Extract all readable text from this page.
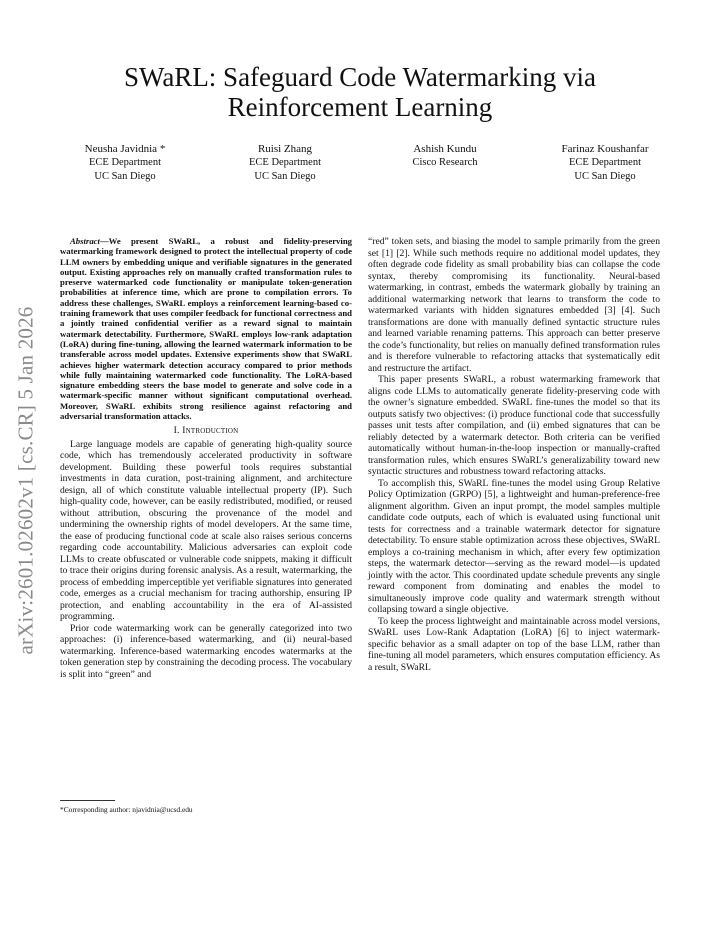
arXiv:2601.02602v1 [cs.CR] 5 Jan 2026
SWaRL: Safeguard Code Watermarking via Reinforcement Learning
Neusha Javidnia *
ECE Department
UC San Diego
Ruisi Zhang
ECE Department
UC San Diego
Ashish Kundu
Cisco Research
Farinaz Koushanfar
ECE Department
UC San Diego

Abstract—We present SWaRL, a robust and fidelity-preserving watermarking framework designed to protect the intellectual property of code LLM owners by embedding unique and verifiable signatures in the generated output. Existing approaches rely on manually crafted transformation rules to preserve watermarked code functionality or manipulate token-generation probabilities at inference time, which are prone to compilation errors. To address these challenges, SWaRL employs a reinforcement learning-based co-training framework that uses compiler feedback for functional correctness and a jointly trained confidential verifier as a reward signal to maintain watermark detectability. Furthermore, SWaRL employs low-rank adaptation (LoRA) during fine-tuning, allowing the learned watermark information to be transferable across model updates. Extensive experiments show that SWaRL achieves higher watermark detection accuracy compared to prior methods while fully maintaining watermarked code functionality. The LoRA-based signature embedding steers the base model to generate and solve code in a watermark-specific manner without significant computational overhead. Moreover, SWaRL exhibits strong resilience against refactoring and adversarial transformation attacks.

I. Introduction

Large language models are capable of generating high-quality source code, which has tremendously accelerated productivity in software development. Building these powerful tools requires substantial investments in data curation, post-training alignment, and architecture design, all of which constitute valuable intellectual property (IP). Such high-quality code, however, can be easily redistributed, modified, or reused without attribution, obscuring the provenance of the model and undermining the ownership rights of model developers. At the same time, the ease of producing functional code at scale also raises serious concerns regarding code accountability. Malicious adversaries can exploit code LLMs to create obfuscated or vulnerable code snippets, making it difficult to trace their origins during forensic analysis. As a result, watermarking, the process of embedding imperceptible yet verifiable signatures into generated code, emerges as a crucial mechanism for tracing authorship, ensuring IP protection, and enabling accountability in the era of AI-assisted programming.

Prior code watermarking work can be generally categorized into two approaches: (i) inference-based watermarking, and (ii) neural-based watermarking. Inference-based watermarking encodes watermarks at the token generation step by constraining the decoding process. The vocabulary is split into “green” and

*Corresponding author: njavidnia@ucsd.edu

“red” token sets, and biasing the model to sample primarily from the green set [1] [2]. While such methods require no additional model updates, they often degrade code fidelity as small probability bias can collapse the code syntax, thereby compromising its functionality. Neural-based watermarking, in contrast, embeds the watermark globally by training an additional watermarking network that learns to transform the code to watermarked variants with hidden signatures embedded [3] [4]. Such transformations are done with manually defined syntactic structure rules and learned variable renaming patterns. This approach can better preserve the code’s functionality, but relies on manually defined transformation rules and is therefore vulnerable to refactoring attacks that systematically edit and restructure the artifact.

This paper presents SWaRL, a robust watermarking framework that aligns code LLMs to automatically generate fidelity-preserving code with the owner’s signature embedded. SWaRL fine-tunes the model so that its outputs satisfy two objectives: (i) produce functional code that successfully passes unit tests after compilation, and (ii) embed signatures that can be reliably detected by a watermark detector. Both criteria can be verified automatically without human-in-the-loop inspection or manually-crafted transformation rules, which ensures SWaRL’s generalizability toward new syntactic structures and robustness toward refactoring attacks.

To accomplish this, SWaRL fine-tunes the model using Group Relative Policy Optimization (GRPO) [5], a lightweight and human-preference-free alignment algorithm. Given an input prompt, the model samples multiple candidate code outputs, each of which is evaluated using functional unit tests for correctness and a trainable watermark detector for signature detectability. To ensure stable optimization across these objectives, SWaRL employs a co-training mechanism in which, after every few optimization steps, the watermark detector—serving as the reward model—is updated jointly with the actor. This coordinated update schedule prevents any single reward component from dominating and enables the model to simultaneously improve code quality and watermark strength without collapsing toward a single objective.

To keep the process lightweight and maintainable across model versions, SWaRL uses Low-Rank Adaptation (LoRA) [6] to inject watermark-specific behavior as a small adapter on top of the base LLM, rather than fine-tuning all model parameters, which ensures computation efficiency. As a result, SWaRL
